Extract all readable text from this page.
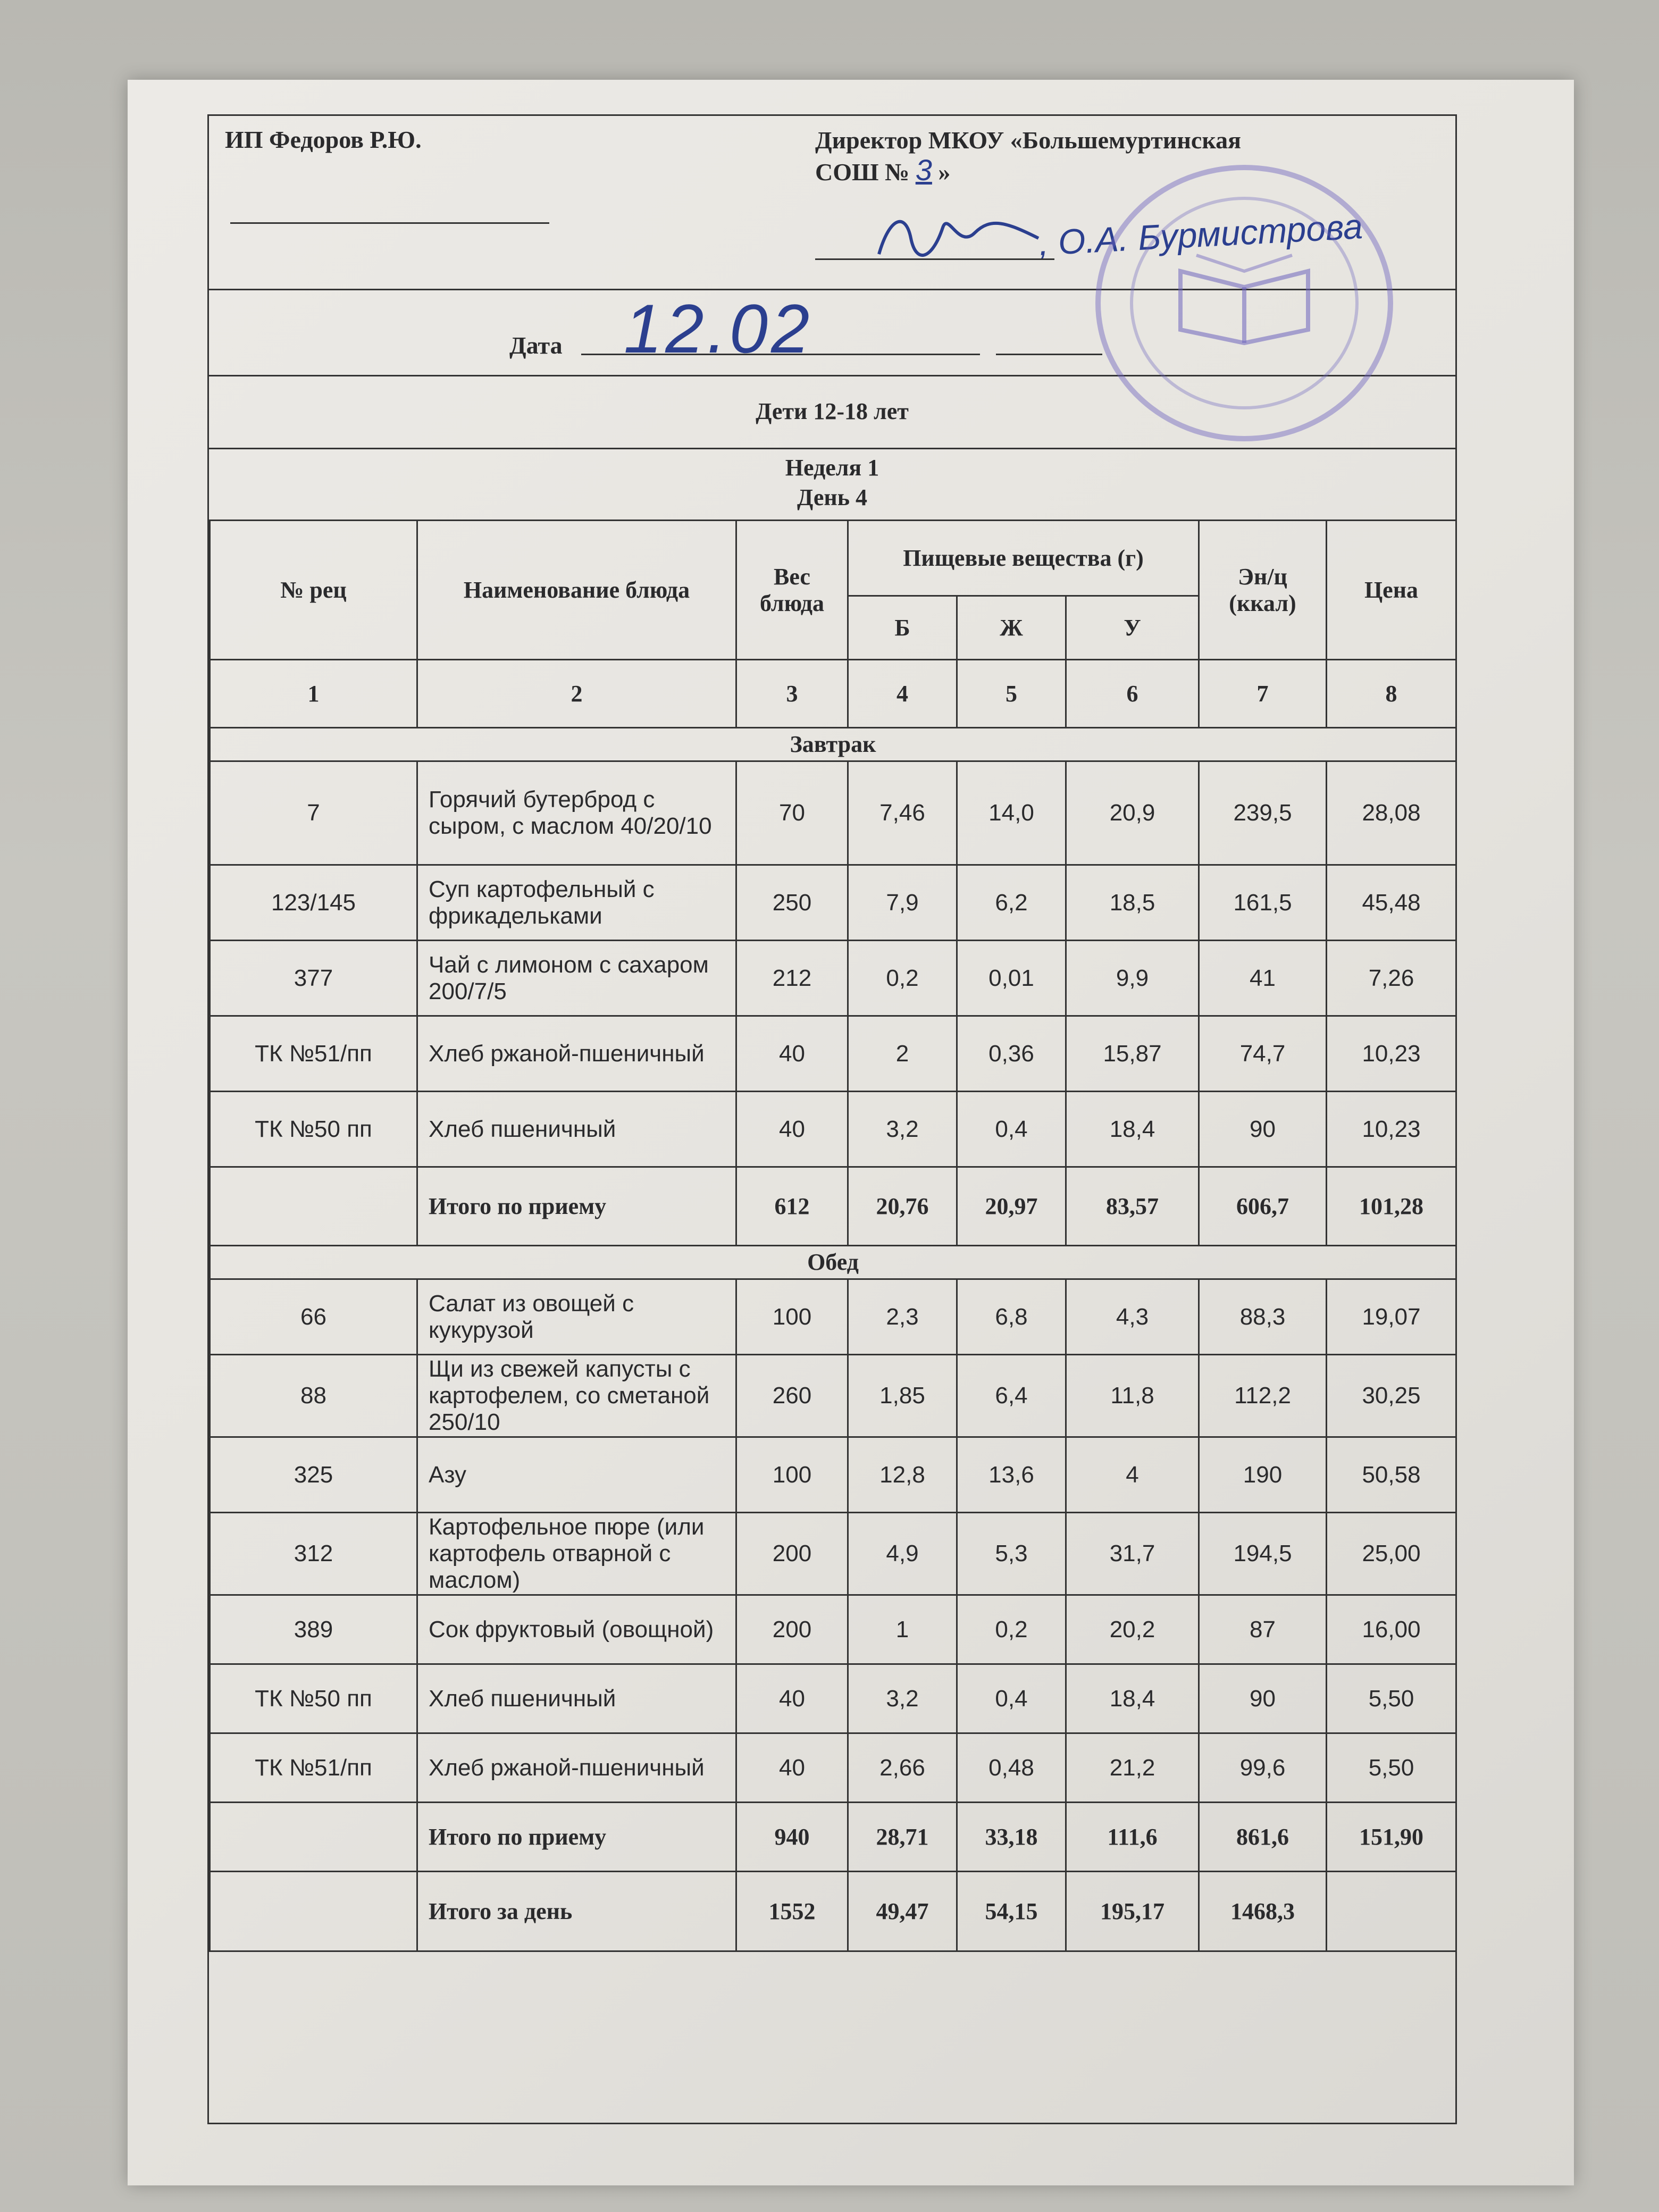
ИП Федоров Р.Ю.	Директор МКОУ «Большемуртинская
СОШ № 3 »
, О.А. Бурмистрова
Дата 12.02
Дети 12-18 лет
Неделя 1
День 4
№ рец	Наименование блюда	Вес блюда	Пищевые вещества (г)			Эн/ц (ккал)	Цена
			Б	Ж	У		
1	2	3	4	5	6	7	8
Завтрак							
7	Горячий бутерброд с сыром, с маслом 40/20/10	70	7,46	14,0	20,9	239,5	28,08
123/145	Суп картофельный с фрикадельками	250	7,9	6,2	18,5	161,5	45,48
377	Чай с лимоном с сахаром 200/7/5	212	0,2	0,01	9,9	41	7,26
ТК №51/пп	Хлеб ржаной-пшеничный	40	2	0,36	15,87	74,7	10,23
ТК №50 пп	Хлеб пшеничный	40	3,2	0,4	18,4	90	10,23
	Итого по приему	612	20,76	20,97	83,57	606,7	101,28
Обед							
66	Салат из овощей с кукурузой	100	2,3	6,8	4,3	88,3	19,07
88	Щи из свежей капусты с картофелем, со сметаной 250/10	260	1,85	6,4	11,8	112,2	30,25
325	Азу	100	12,8	13,6	4	190	50,58
312	Картофельное пюре (или картофель отварной с маслом)	200	4,9	5,3	31,7	194,5	25,00
389	Сок фруктовый (овощной)	200	1	0,2	20,2	87	16,00
ТК №50 пп	Хлеб пшеничный	40	3,2	0,4	18,4	90	5,50
ТК №51/пп	Хлеб ржаной-пшеничный	40	2,66	0,48	21,2	99,6	5,50
	Итого по приему	940	28,71	33,18	111,6	861,6	151,90
	Итого за день	1552	49,47	54,15	195,17	1468,3	
